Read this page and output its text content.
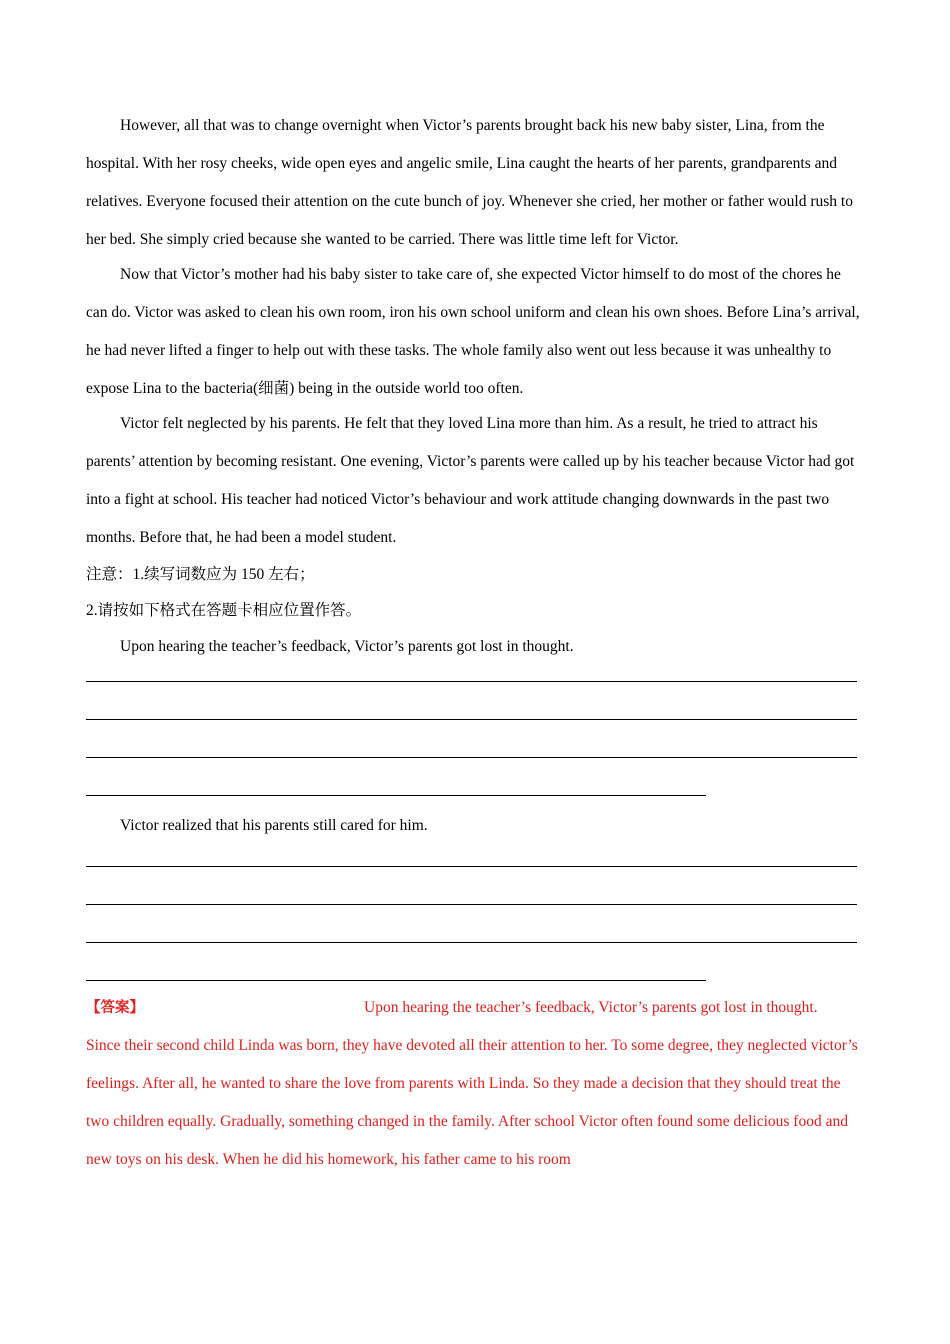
However, all that was to change overnight when Victor’s parents brought back his new baby sister, Lina, from the hospital. With her rosy cheeks, wide open eyes and angelic smile, Lina caught the hearts of her parents, grandparents and relatives. Everyone focused their attention on the cute bunch of joy. Whenever she cried, her mother or father would rush to her bed. She simply cried because she wanted to be carried. There was little time left for Victor.

Now that Victor’s mother had his baby sister to take care of, she expected Victor himself to do most of the chores he can do. Victor was asked to clean his own room, iron his own school uniform and clean his own shoes. Before Lina’s arrival, he had never lifted a finger to help out with these tasks. The whole family also went out less because it was unhealthy to expose Lina to the bacteria(细菌) being in the outside world too often.

Victor felt neglected by his parents. He felt that they loved Lina more than him. As a result, he tried to attract his parents’ attention by becoming resistant. One evening, Victor’s parents were called up by his teacher because Victor had got into a fight at school. His teacher had noticed Victor’s behaviour and work attitude changing downwards in the past two months. Before that, he had been a model student.

注意：1.续写词数应为 150 左右；

2.请按如下格式在答题卡相应位置作答。

Upon hearing the teacher’s feedback, Victor’s parents got lost in thought.

Victor realized that his parents still cared for him.

【答案】	Upon hearing the teacher’s feedback, Victor’s parents got lost in thought.
Since their second child Linda was born, they have devoted all their attention to her. To some degree, they neglected victor’s feelings. After all, he wanted to share the love from parents with Linda. So they made a decision that they should treat the two children equally. Gradually, something changed in the family. After school Victor often found some delicious food and new toys on his desk. When he did his homework, his father came to his room
